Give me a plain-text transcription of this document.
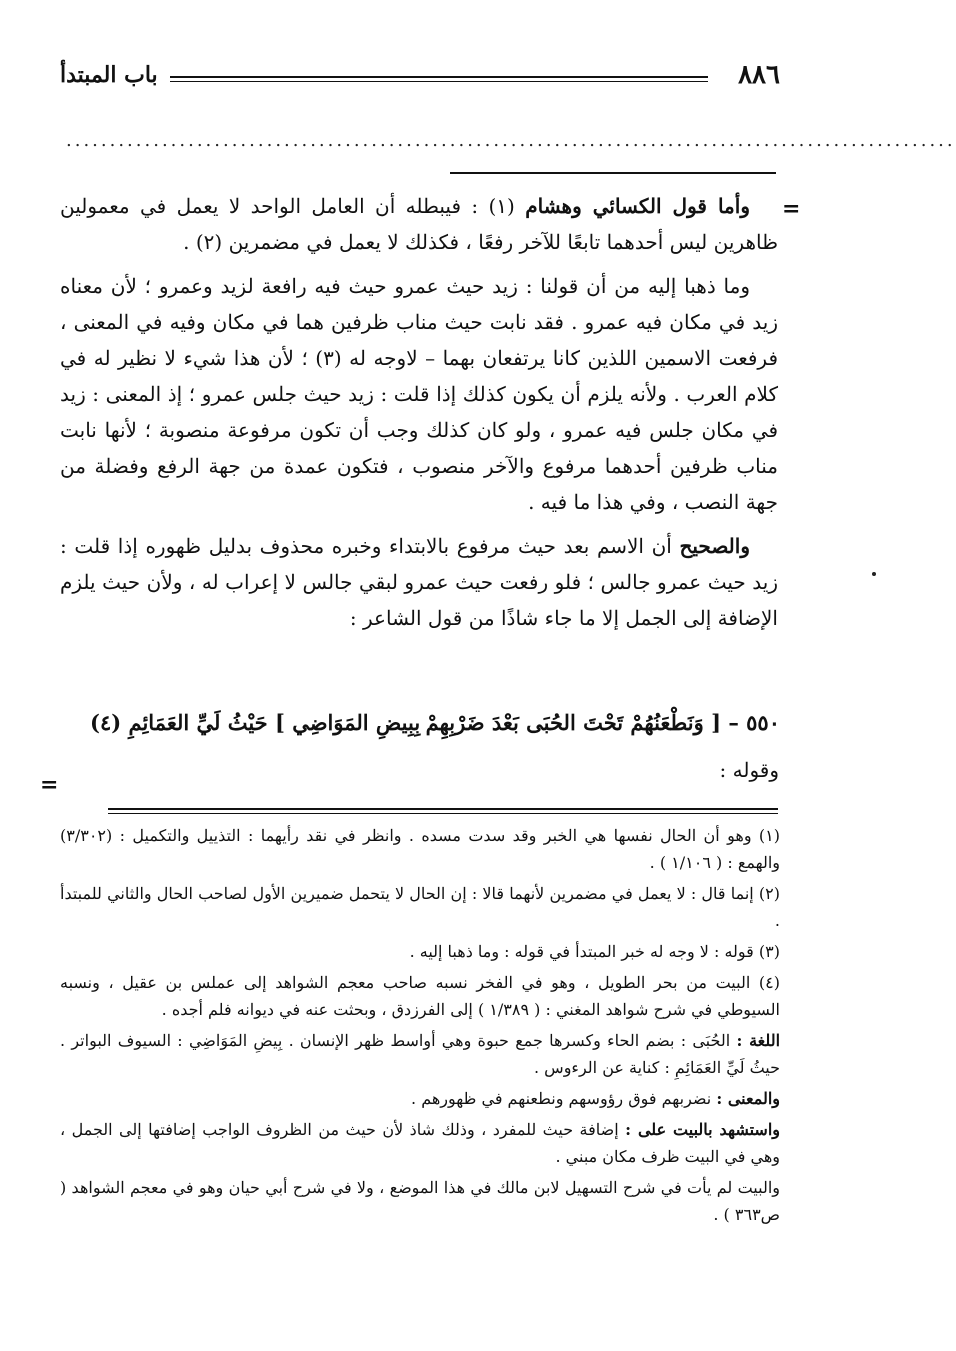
٨٨٦
باب المبتدأ
......................................................................................................
=
=

وأما قول الكسائي وهشام (١) : فيبطله أن العامل الواحد لا يعمل في معمولين ظاهرين ليس أحدهما تابعًا للآخر رفعًا ، فكذلك لا يعمل في مضمرين (٢) .

وما ذهبا إليه من أن قولنا : زيد حيث عمرو حيث فيه رافعة لزيد وعمرو ؛ لأن معناه زيد في مكان فيه عمرو . فقد نابت حيث مناب ظرفين هما في مكان وفيه في المعنى ، فرفعت الاسمين اللذين كانا يرتفعان بهما – لاوجه له (٣) ؛ لأن هذا شيء لا نظير له في كلام العرب . ولأنه يلزم أن يكون كذلك إذا قلت : زيد حيث جلس عمرو ؛ إذ المعنى : زيد في مكان جلس فيه عمرو ، ولو كان كذلك وجب أن تكون مرفوعة منصوبة ؛ لأنها نابت مناب ظرفين أحدهما مرفوع والآخر منصوب ، فتكون عمدة من جهة الرفع وفضلة من جهة النصب ، وفي هذا ما فيه .

والصحيح أن الاسم بعد حيث مرفوع بالابتداء وخبره محذوف بدليل ظهوره إذا قلت : زيد حيث عمرو جالس ؛ فلو رفعت حيث عمرو لبقي جالس لا إعراب له ، ولأن حيث يلزم الإضافة إلى الجمل إلا ما جاء شاذًا من قول الشاعر :

٥٥٠ – [ وَنَطْعَنُهُمْ تَحْتَ الحُبَى بَعْدَ ضَرْبِهِمْ
بِبِيضِ المَوَاضِي ] حَيْثُ لَيِّ العَمَائِمِ (٤)
وقوله :

(١) وهو أن الحال نفسها هي الخبر وقد سدت مسده . وانظر في نقد رأيهما : التذييل والتكميل : (٣/٣٠٢) والهمع : ( ١/١٠٦ ) .

(٢) إنما قال : لا يعمل في مضمرين لأنهما قالا : إن الحال لا يتحمل ضميرين الأول لصاحب الحال والثاني للمبتدأ .

(٣) قوله : لا وجه له خبر المبتدأ في قوله : وما ذهبا إليه .

(٤) البيت من بحر الطويل ، وهو في الفخر نسبه صاحب معجم الشواهد إلى عملس بن عقيل ، ونسبه السيوطي في شرح شواهد المغني : ( ١/٣٨٩ ) إلى الفرزدق ، وبحثت عنه في ديوانه فلم أجده .

اللغة : الحُبَى : بضم الحاء وكسرها جمع حبوة وهي أواسط ظهر الإنسان . بِيضِ المَوَاضِي : السيوف البواتر . حيثُ لَيِّ العَمَائِمِ : كناية عن الرءوس .

والمعنى : نضربهم فوق رؤوسهم ونطعنهم في ظهورهم .

واستشهد بالبيت على : إضافة حيث للمفرد ، وذلك شاذ لأن حيث من الظروف الواجب إضافتها إلى الجمل ، وهي في البيت ظرف مكان مبني .

والبيت لم يأت في شرح التسهيل لابن مالك في هذا الموضع ، ولا في شرح أبي حيان وهو في معجم الشواهد ( ص٣٦٣ ) .
